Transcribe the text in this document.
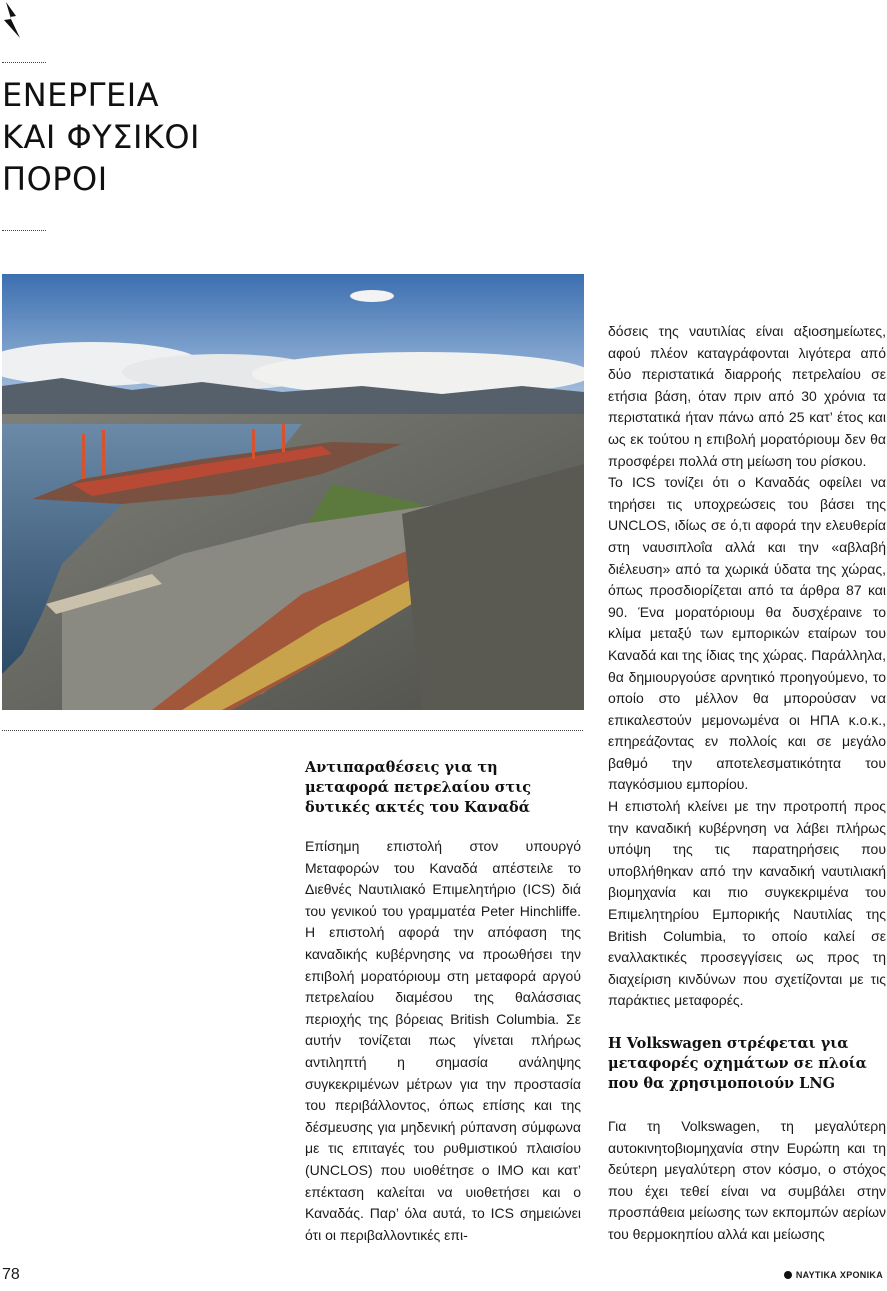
ΕΝΕΡΓΕΙΑ
ΚΑΙ ΦΥΣΙΚΟΙ
ΠΟΡΟΙ
Αντιπαραθέσεις για τη μεταφορά πετρελαίου στις δυτικές ακτές του Καναδά

Επίσημη επιστολή στον υπουργό Μεταφορών του Καναδά απέστειλε το Διεθνές Ναυτιλιακό Επιμελητήριο (ICS) διά του γενικού του γραμματέα Peter Hinchliffe. Η επιστολή αφορά την απόφαση της καναδικής κυβέρνησης να προωθήσει την επιβολή μορατόριουμ στη μεταφορά αργού πετρελαίου διαμέσου της θαλάσσιας περιοχής της βόρειας British Columbia. Σε αυτήν τονίζεται πως γίνεται πλήρως αντιληπτή η σημασία ανάληψης συγκεκριμένων μέτρων για την προστασία του περιβάλλοντος, όπως επίσης και της δέσμευσης για μηδενική ρύπανση σύμφωνα με τις επιταγές του ρυθμιστικού πλαισίου (UNCLOS) που υιοθέτησε ο IMO και κατ’ επέκταση καλείται να υιοθετήσει και ο Καναδάς. Παρ’ όλα αυτά, το ICS σημειώνει ότι οι περιβαλλοντικές επι-

δόσεις της ναυτιλίας είναι αξιοσημείωτες, αφού πλέον καταγράφονται λιγότερα από δύο περιστατικά διαρροής πετρελαίου σε ετήσια βάση, όταν πριν από 30 χρόνια τα περιστατικά ήταν πάνω από 25 κατ’ έτος και ως εκ τούτου η επιβολή μορατόριουμ δεν θα προσφέρει πολλά στη μείωση του ρίσκου.

Το ICS τονίζει ότι ο Καναδάς οφείλει να τηρήσει τις υποχρεώσεις του βάσει της UNCLOS, ιδίως σε ό,τι αφορά την ελευθερία στη ναυσιπλοΐα αλλά και την «αβλαβή διέλευση» από τα χωρικά ύδατα της χώρας, όπως προσδιορίζεται από τα άρθρα 87 και 90. Ένα μορατόριουμ θα δυσχέραινε το κλίμα μεταξύ των εμπορικών εταίρων του Καναδά και της ίδιας της χώρας. Παράλληλα, θα δημιουργούσε αρνητικό προηγούμενο, το οποίο στο μέλλον θα μπορούσαν να επικαλεστούν μεμονωμένα οι ΗΠΑ κ.ο.κ., επηρεάζοντας εν πολλοίς και σε μεγάλο βαθμό την αποτελεσματικότητα του παγκόσμιου εμπορίου.

Η επιστολή κλείνει με την προτροπή προς την καναδική κυβέρνηση να λάβει πλήρως υπόψη της τις παρατηρήσεις που υποβλήθηκαν από την καναδική ναυτιλιακή βιομηχανία και πιο συγκεκριμένα του Επιμελητηρίου Εμπορικής Ναυτιλίας της British Columbia, το οποίο καλεί σε εναλλακτικές προσεγγίσεις ως προς τη διαχείριση κινδύνων που σχετίζονται με τις παράκτιες μεταφορές.

Η Volkswagen στρέφεται για μεταφορές οχημάτων σε πλοία που θα χρησιμοποιούν LNG

Για τη Volkswagen, τη μεγαλύτερη αυτοκινητοβιομηχανία στην Ευρώπη και τη δεύτερη μεγαλύτερη στον κόσμο, ο στόχος που έχει τεθεί είναι να συμβάλει στην προσπάθεια μείωσης των εκπομπών αερίων του θερμοκηπίου αλλά και μείωσης

78	ΝΑΥΤΙΚΑ ΧΡΟΝΙΚΑ
